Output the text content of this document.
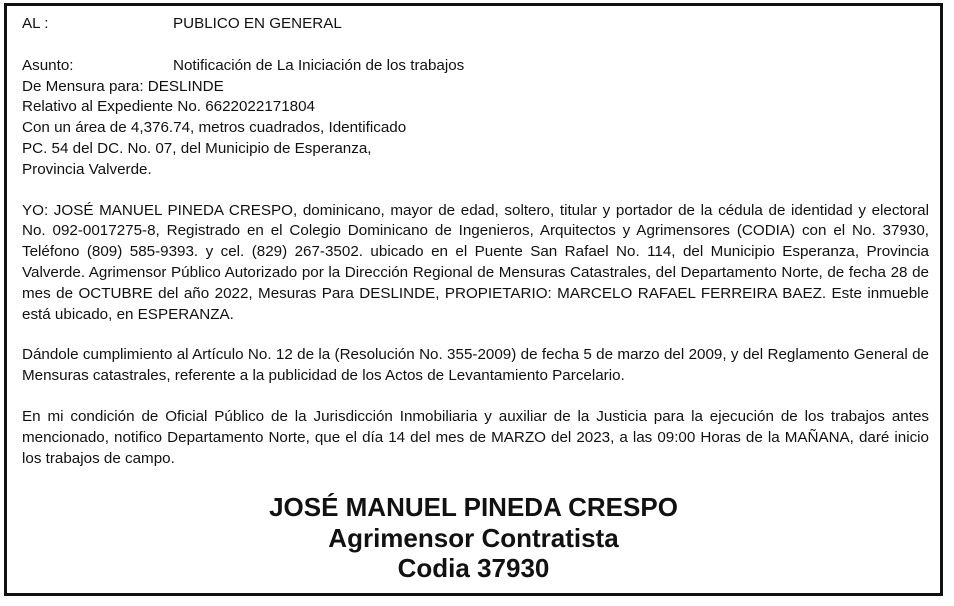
AL :	PUBLICO EN GENERAL
Asunto:	Notificación de La Iniciación de los trabajos
De Mensura para: DESLINDE
Relativo al Expediente No. 6622022171804
Con un área de 4,376.74, metros cuadrados, Identificado
PC. 54 del DC. No. 07, del Municipio de Esperanza,
Provincia Valverde.

YO: JOSÉ MANUEL PINEDA CRESPO, dominicano, mayor de edad, soltero, titular y portador de la cédula de identidad y electoral No. 092-0017275-8, Registrado en el Colegio Dominicano de Ingenieros, Arquitectos y Agrimensores (CODIA) con el No. 37930, Teléfono (809) 585-9393. y cel. (829) 267-3502. ubicado en el Puente San Rafael No. 114, del Municipio Esperanza, Provincia Valverde. Agrimensor Público Autorizado por la Dirección Regional de Mensuras Catastrales, del Departamento Norte, de fecha 28 de mes de OCTUBRE del año 2022, Mesuras Para DESLINDE, PROPIETARIO: MARCELO RAFAEL FERREIRA BAEZ. Este inmueble está ubicado, en ESPERANZA.

Dándole cumplimiento al Artículo No. 12 de la (Resolución No. 355-2009) de fecha 5 de marzo del 2009, y del Reglamento General de Mensuras catastrales, referente a la publicidad de los Actos de Levantamiento Parcelario.

En mi condición de Oficial Público de la Jurisdicción Inmobiliaria y auxiliar de la Justicia para la ejecución de los trabajos antes mencionado, notifico Departamento Norte, que el día 14 del mes de MARZO del 2023, a las 09:00 Horas de la MAÑANA, daré inicio los trabajos de campo.

JOSÉ MANUEL PINEDA CRESPO
Agrimensor Contratista
Codia 37930
